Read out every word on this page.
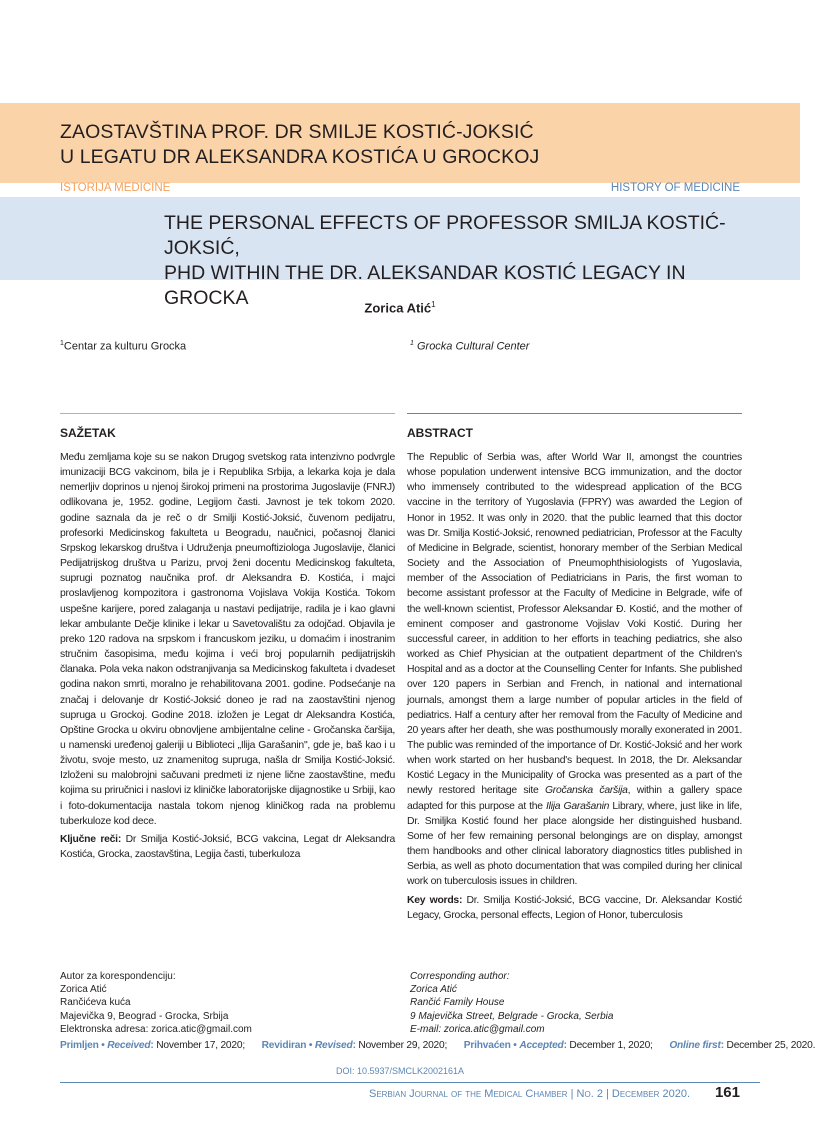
ZAOSTAVŠTINA PROF. DR SMILJE KOSTIĆ-JOKSIĆ
U LEGATU DR ALEKSANDRA KOSTIĆA U GROCKOJ
ISTORIJA MEDICINE	HISTORY OF MEDICINE
THE PERSONAL EFFECTS OF PROFESSOR SMILJA KOSTIĆ-JOKSIĆ,
PHD WITHIN THE DR. ALEKSANDAR KOSTIĆ LEGACY IN GROCKA	Zorica Atić$^1$
$^1$Centar za kulturu Grocka	$^1$ Grocka Cultural Center
SAŽETAK

Među zemljama koje su se nakon Drugog svetskog rata intenzivno podvrgle imunizaciji BCG vakcinom, bila je i Republika Srbija, a lekarka koja je dala nemerljiv doprinos u njenoj širokoj primeni na prostorima Jugoslavije (FNRJ) odlikovana je, 1952. godine, Legijom časti. Javnost je tek tokom 2020. godine saznala da je reč o dr Smilji Kostić-Joksić, čuvenom pedijatru, profesorki Medicinskog fakulteta u Beogradu, naučnici, počasnoj članici Srpskog lekarskog društva i Udruženja pneumoftiziologa Jugoslavije, članici Pedijatrijskog društva u Parizu, prvoj ženi docentu Medicinskog fakulteta, suprugi poznatog naučnika prof. dr Aleksandra Đ. Kostića, i majci proslavljenog kompozitora i gastronoma Vojislava Vokija Kostića. Tokom uspešne karijere, pored zalaganja u nastavi pedijatrije, radila je i kao glavni lekar ambulante Dečje klinike i lekar u Savetovalištu za odojčad. Objavila je preko 120 radova na srpskom i francuskom jeziku, u domaćim i inostranim stručnim časopisima, među kojima i veći broj popularnih pedijatrijskih članaka. Pola veka nakon odstranjivanja sa Medicinskog fakulteta i dvadeset godina nakon smrti, moralno je rehabilitovana 2001. godine. Podsećanje na značaj i delovanje dr Kostić-Joksić doneo je rad na zaostavštini njenog supruga u Grockoj. Godine 2018. izložen je Legat dr Aleksandra Kostića, Opštine Grocka u okviru obnovljene ambijentalne celine - Gročanska čaršija, u namenski uređenoj galeriji u Biblioteci „Ilija Garašanin", gde je, baš kao i u životu, svoje mesto, uz znamenitog supruga, našla dr Smilja Kostić-Joksić. Izloženi su malobrojni sačuvani predmeti iz njene lične zaostavštine, među kojima su priručnici i naslovi iz kliničke laboratorijske dijagnostike u Srbiji, kao i foto-dokumentacija nastala tokom njenog kliničkog rada na problemu tuberkuloze kod dece.

Ključne reči: Dr Smilja Kostić-Joksić, BCG vakcina, Legat dr Aleksandra Kostića, Grocka, zaostavština, Legija časti, tuberkuloza
ABSTRACT

The Republic of Serbia was, after World War II, amongst the countries whose population underwent intensive BCG immunization, and the doctor who immensely contributed to the widespread application of the BCG vaccine in the territory of Yugoslavia (FPRY) was awarded the Legion of Honor in 1952. It was only in 2020. that the public learned that this doctor was Dr. Smilja Kostić-Joksić, renowned pediatrician, Professor at the Faculty of Medicine in Belgrade, scientist, honorary member of the Serbian Medical Society and the Association of Pneumophthisiologists of Yugoslavia, member of the Association of Pediatricians in Paris, the first woman to become assistant professor at the Faculty of Medicine in Belgrade, wife of the well-known scientist, Professor Aleksandar Đ. Kostić, and the mother of eminent composer and gastronome Vojislav Voki Kostić. During her successful career, in addition to her efforts in teaching pediatrics, she also worked as Chief Physician at the outpatient department of the Children's Hospital and as a doctor at the Counselling Center for Infants. She published over 120 papers in Serbian and French, in national and international journals, amongst them a large number of popular articles in the field of pediatrics. Half a century after her removal from the Faculty of Medicine and 20 years after her death, she was posthumously morally exonerated in 2001. The public was reminded of the importance of Dr. Kostić-Joksić and her work when work started on her husband's bequest. In 2018, the Dr. Aleksandar Kostić Legacy in the Municipality of Grocka was presented as a part of the newly restored heritage site Gročanska čaršija, within a gallery space adapted for this purpose at the Ilija Garašanin Library, where, just like in life, Dr. Smiljka Kostić found her place alongside her distinguished husband. Some of her few remaining personal belongings are on display, amongst them handbooks and other clinical laboratory diagnostics titles published in Serbia, as well as photo documentation that was compiled during her clinical work on tuberculosis issues in children.

Key words: Dr. Smilja Kostić-Joksić, BCG vaccine, Dr. Aleksandar Kostić Legacy, Grocka, personal effects, Legion of Honor, tuberculosis
Autor za korespondenciju:
Zorica Atić
Rančićeva kuća
Majevička 9, Beograd - Grocka, Srbija
Elektronska adresa: zorica.atic@gmail.com
Corresponding author:
Zorica Atić
Rančić Family House
9 Majevička Street, Belgrade - Grocka, Serbia
E-mail: zorica.atic@gmail.com
Primljen • Received: November 17, 2020; Revidiran • Revised: November 29, 2020; Prihvaćen • Accepted: December 1, 2020; Online first: December 25, 2020.
DOI: 10.5937/SMCLK2002161A
Serbian Journal of the Medical Chamber | No. 2 | December 2020. 161
